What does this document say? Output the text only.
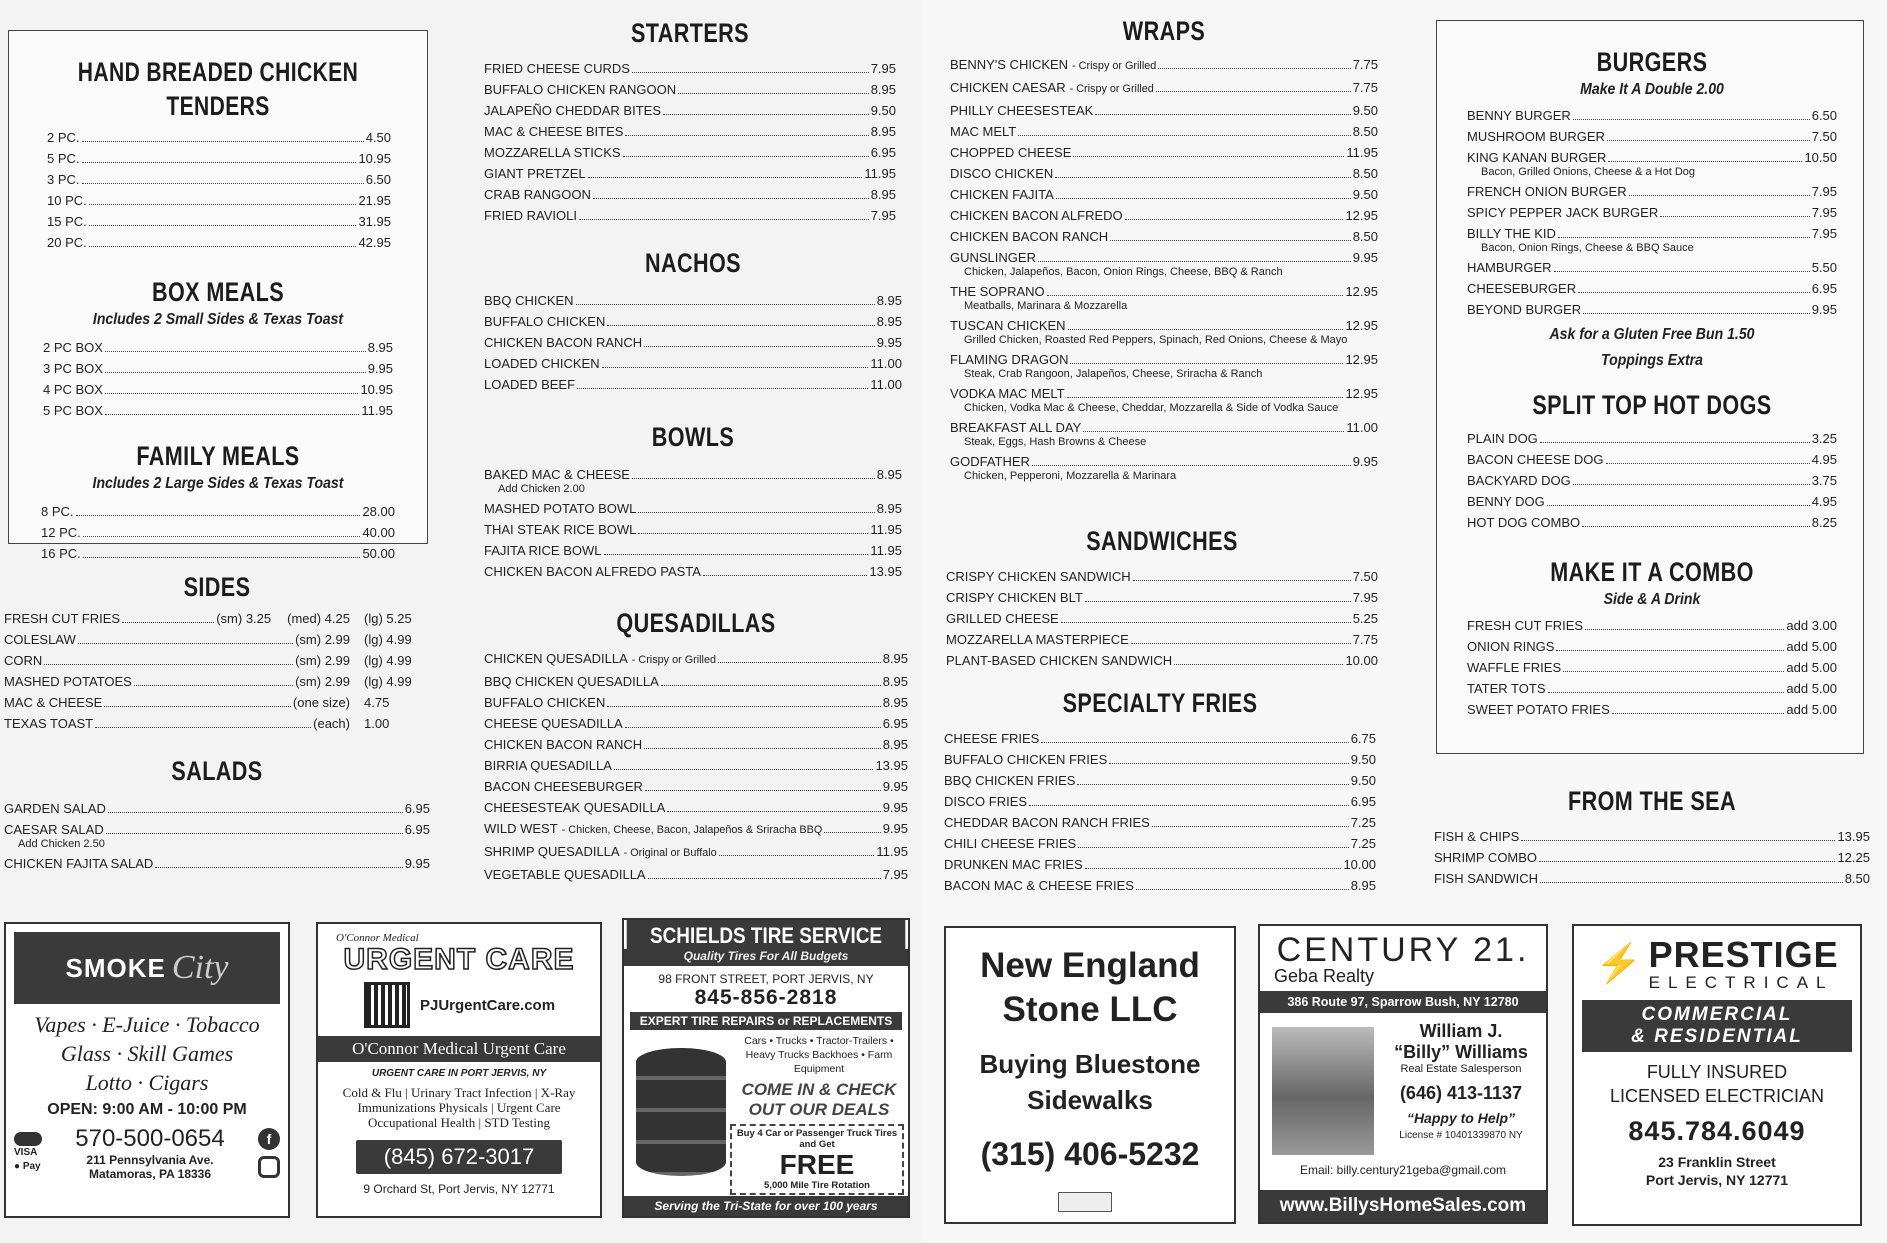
HAND BREADED CHICKEN TENDERS
2 PC.	4.50
5 PC.	10.95
3 PC.	6.50
10 PC.	21.95
15 PC.	31.95
20 PC.	42.95
BOX MEALS
Includes 2 Small Sides & Texas Toast
2 PC BOX	8.95
3 PC BOX	9.95
4 PC BOX	10.95
5 PC BOX	11.95
FAMILY MEALS
Includes 2 Large Sides & Texas Toast
8 PC.	28.00
12 PC.	40.00
16 PC.	50.00
SIDES
FRESH CUT FRIES	(sm) 3.25 (med) 4.25 (lg) 5.25
COLESLAW	(sm) 2.99 (lg) 4.99
CORN	(sm) 2.99 (lg) 4.99
MASHED POTATOES	(sm) 2.99 (lg) 4.99
MAC & CHEESE	(one size) 4.75
TEXAS TOAST	(each) 1.00
SALADS
GARDEN SALAD	6.95
CAESAR SALAD	6.95
Add Chicken 2.50
CHICKEN FAJITA SALAD	9.95
STARTERS
FRIED CHEESE CURDS	7.95
BUFFALO CHICKEN RANGOON	8.95
JALAPEÑO CHEDDAR BITES	9.50
MAC & CHEESE BITES	8.95
MOZZARELLA STICKS	6.95
GIANT PRETZEL	11.95
CRAB RANGOON	8.95
FRIED RAVIOLI	7.95
NACHOS
BBQ CHICKEN	8.95
BUFFALO CHICKEN	8.95
CHICKEN BACON RANCH	9.95
LOADED CHICKEN	11.00
LOADED BEEF	11.00
BOWLS
BAKED MAC & CHEESE	8.95
Add Chicken 2.00
MASHED POTATO BOWL	8.95
THAI STEAK RICE BOWL	11.95
FAJITA RICE BOWL	11.95
CHICKEN BACON ALFREDO PASTA	13.95
QUESADILLAS
CHICKEN QUESADILLA - Crispy or Grilled	8.95
BBQ CHICKEN QUESADILLA	8.95
BUFFALO CHICKEN	8.95
CHEESE QUESADILLA	6.95
CHICKEN BACON RANCH	8.95
BIRRIA QUESADILLA	13.95
BACON CHEESEBURGER	9.95
CHEESESTEAK QUESADILLA	9.95
WILD WEST - Chicken, Cheese, Bacon, Jalapeños & Sriracha BBQ	9.95
SHRIMP QUESADILLA - Original or Buffalo	11.95
VEGETABLE QUESADILLA	7.95
SMOKE City
Vapes · E-Juice · Tobacco
Glass · Skill Games
Lotto · Cigars
OPEN: 9:00 AM - 10:00 PM
VISA
● Pay
570-500-0654
211 Pennsylvania Ave.
Matamoras, PA 18336
f
O'Connor Medical
URGENT CARE
PJUrgentCare.com
O'Connor Medical Urgent Care
URGENT CARE IN PORT JERVIS, NY
Cold & Flu | Urinary Tract Infection | X-Ray Immunizations Physicals | Urgent Care Occupational Health | STD Testing
(845) 672-3017
9 Orchard St, Port Jervis, NY 12771
SCHIELDS TIRE SERVICE
Quality Tires For All Budgets
98 FRONT STREET, PORT JERVIS, NY
845-856-2818
EXPERT TIRE REPAIRS or REPLACEMENTS
Cars • Trucks • Tractor-Trailers • Heavy Trucks Backhoes • Farm Equipment
COME IN & CHECK OUT OUR DEALS
Buy 4 Car or Passenger Truck Tires and Get
FREE
5,000 Mile Tire Rotation
Serving the Tri-State for over 100 years
WRAPS
BENNY'S CHICKEN - Crispy or Grilled	7.75
CHICKEN CAESAR - Crispy or Grilled	7.75
PHILLY CHEESESTEAK	9.50
MAC MELT	8.50
CHOPPED CHEESE	11.95
DISCO CHICKEN	8.50
CHICKEN FAJITA	9.50
CHICKEN BACON ALFREDO	12.95
CHICKEN BACON RANCH	8.50
GUNSLINGER	9.95
Chicken, Jalapeños, Bacon, Onion Rings, Cheese, BBQ & Ranch
THE SOPRANO	12.95
Meatballs, Marinara & Mozzarella
TUSCAN CHICKEN	12.95
Grilled Chicken, Roasted Red Peppers, Spinach, Red Onions, Cheese & Mayo
FLAMING DRAGON	12.95
Steak, Crab Rangoon, Jalapeños, Cheese, Sriracha & Ranch
VODKA MAC MELT	12.95
Chicken, Vodka Mac & Cheese, Cheddar, Mozzarella & Side of Vodka Sauce
BREAKFAST ALL DAY	11.00
Steak, Eggs, Hash Browns & Cheese
GODFATHER	9.95
Chicken, Pepperoni, Mozzarella & Marinara
SANDWICHES
CRISPY CHICKEN SANDWICH	7.50
CRISPY CHICKEN BLT	7.95
GRILLED CHEESE	5.25
MOZZARELLA MASTERPIECE	7.75
PLANT-BASED CHICKEN SANDWICH	10.00
SPECIALTY FRIES
CHEESE FRIES	6.75
BUFFALO CHICKEN FRIES	9.50
BBQ CHICKEN FRIES	9.50
DISCO FRIES	6.95
CHEDDAR BACON RANCH FRIES	7.25
CHILI CHEESE FRIES	7.25
DRUNKEN MAC FRIES	10.00
BACON MAC & CHEESE FRIES	8.95
BURGERS
Make It A Double 2.00
BENNY BURGER	6.50
MUSHROOM BURGER	7.50
KING KANAN BURGER	10.50
Bacon, Grilled Onions, Cheese & a Hot Dog
FRENCH ONION BURGER	7.95
SPICY PEPPER JACK BURGER	7.95
BILLY THE KID	7.95
Bacon, Onion Rings, Cheese & BBQ Sauce
HAMBURGER	5.50
CHEESEBURGER	6.95
BEYOND BURGER	9.95
Ask for a Gluten Free Bun 1.50
Toppings Extra
SPLIT TOP HOT DOGS
PLAIN DOG	3.25
BACON CHEESE DOG	4.95
BACKYARD DOG	3.75
BENNY DOG	4.95
HOT DOG COMBO	8.25
MAKE IT A COMBO
Side & A Drink
FRESH CUT FRIES	add 3.00
ONION RINGS	add 5.00
WAFFLE FRIES	add 5.00
TATER TOTS	add 5.00
SWEET POTATO FRIES	add 5.00
FROM THE SEA
FISH & CHIPS	13.95
SHRIMP COMBO	12.25
FISH SANDWICH	8.50
New England
Stone LLC
Buying Bluestone
Sidewalks
(315) 406-5232
CENTURY 21.
Geba Realty
386 Route 97, Sparrow Bush, NY 12780
William J.
“Billy” Williams
Real Estate Salesperson
(646) 413-1137
“Happy to Help”
License # 10401339870 NY
Email: billy.century21geba@gmail.com
www.BillysHomeSales.com
⚡ PRESTIGE
ELECTRICAL
COMMERCIAL
& RESIDENTIAL
FULLY INSURED
LICENSED ELECTRICIAN
845.784.6049
23 Franklin Street
Port Jervis, NY 12771
